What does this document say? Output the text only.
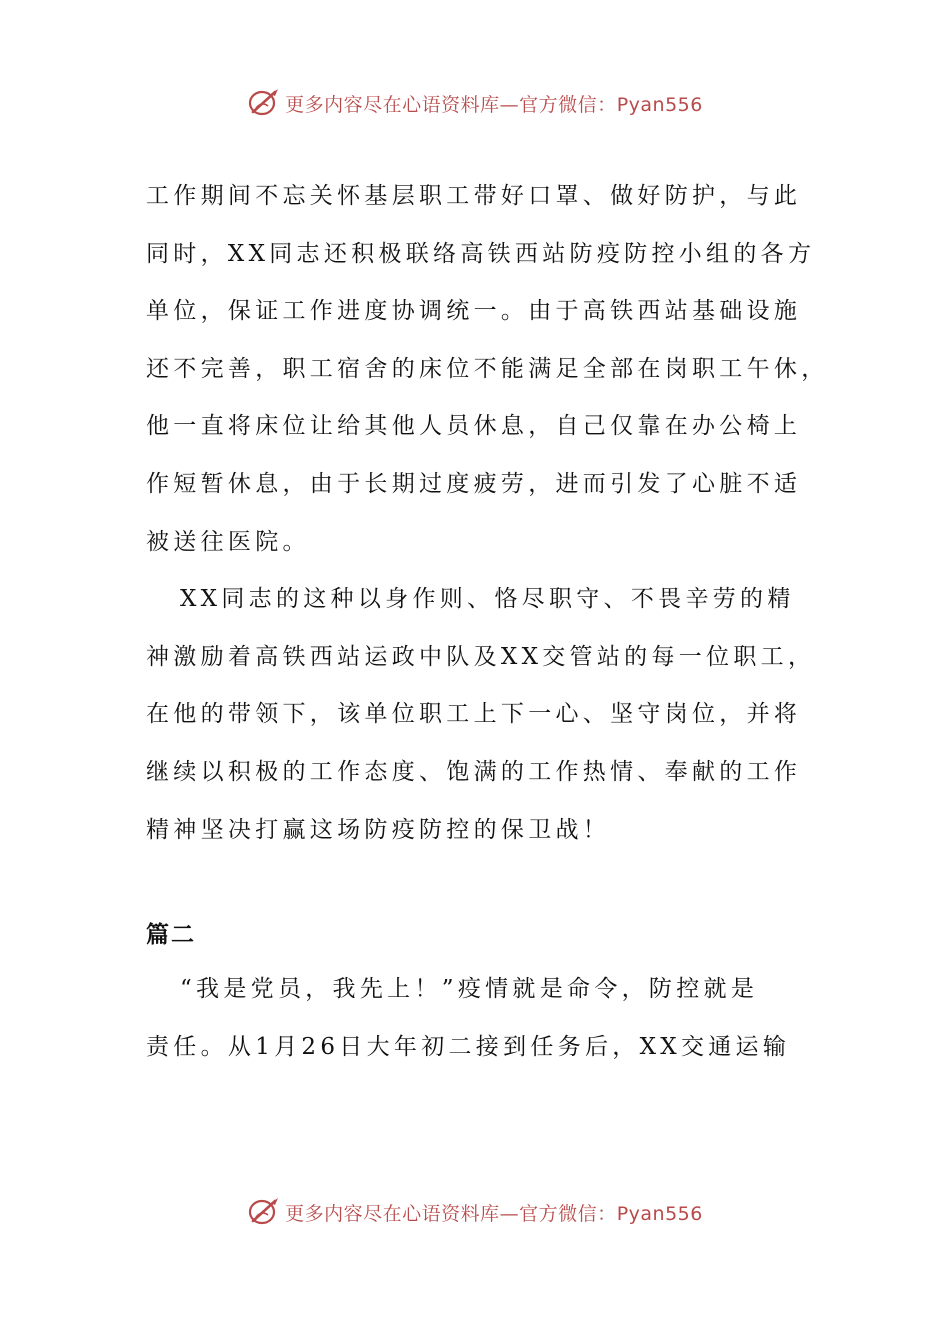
更多内容尽在心语资料库—官方微信：Pyan556
工作期间不忘关怀基层职工带好口罩、做好防护，与此
同时，XX同志还积极联络高铁西站防疫防控小组的各方
单位，保证工作进度协调统一。由于高铁西站基础设施
还不完善，职工宿舍的床位不能满足全部在岗职工午休，
他一直将床位让给其他人员休息，自己仅靠在办公椅上
作短暂休息，由于长期过度疲劳，进而引发了心脏不适
被送往医院。
XX同志的这种以身作则、恪尽职守、不畏辛劳的精
神激励着高铁西站运政中队及XX交管站的每一位职工，
在他的带领下，该单位职工上下一心、坚守岗位，并将
继续以积极的工作态度、饱满的工作热情、奉献的工作
精神坚决打赢这场防疫防控的保卫战！
篇二
“我是党员，我先上！”疫情就是命令，防控就是
责任。从1月26日大年初二接到任务后，XX交通运输
更多内容尽在心语资料库—官方微信：Pyan556
